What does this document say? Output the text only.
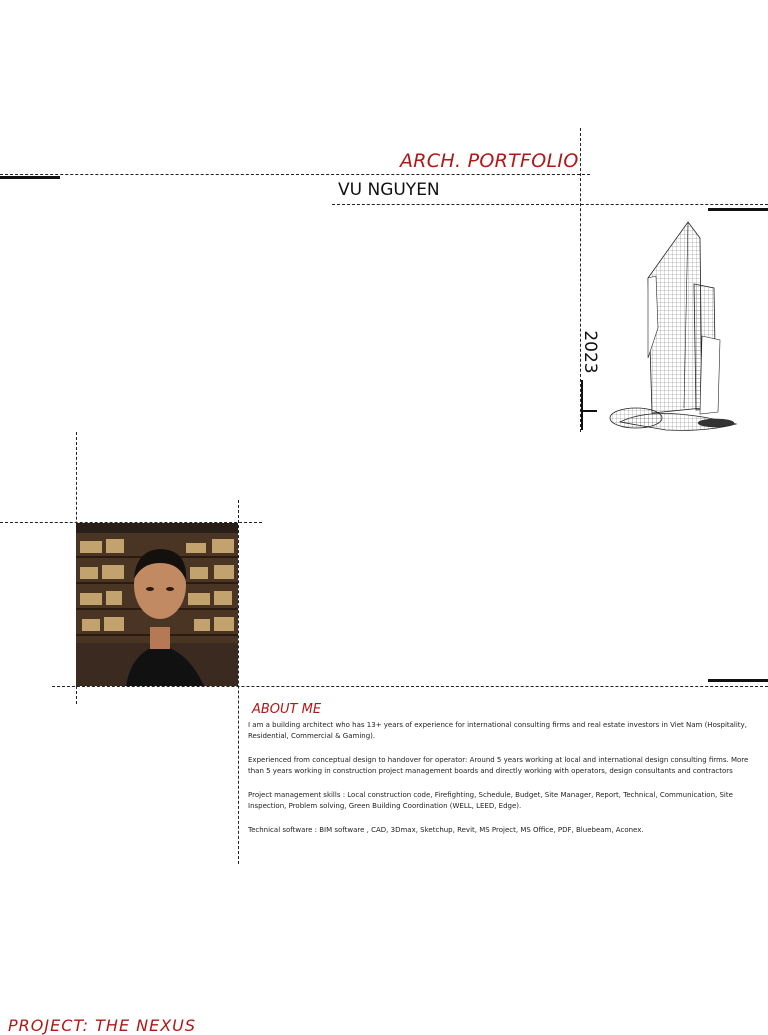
ARCH. PORTFOLIO
VU NGUYEN
2023
ABOUT ME

I am a building architect who has 13+ years of experience for international consulting firms and real estate investors in Viet Nam (Hospitality, Residential, Commercial & Gaming).

Experienced from conceptual design to handover for operator: Around 5 years working at local and international design consulting firms. More than 5 years working in construction project management boards and directly working with operators, design consultants and contractors

Project management skills : Local construction code, Firefighting, Schedule, Budget, Site Manager, Report, Technical, Communication, Site Inspection, Problem solving, Green Building Coordination (WELL, LEED, Edge).

Technical software : BIM software , CAD, 3Dmax, Sketchup, Revit, MS Project, MS Office, PDF, Bluebeam, Aconex.

PROJECT: THE NEXUS
